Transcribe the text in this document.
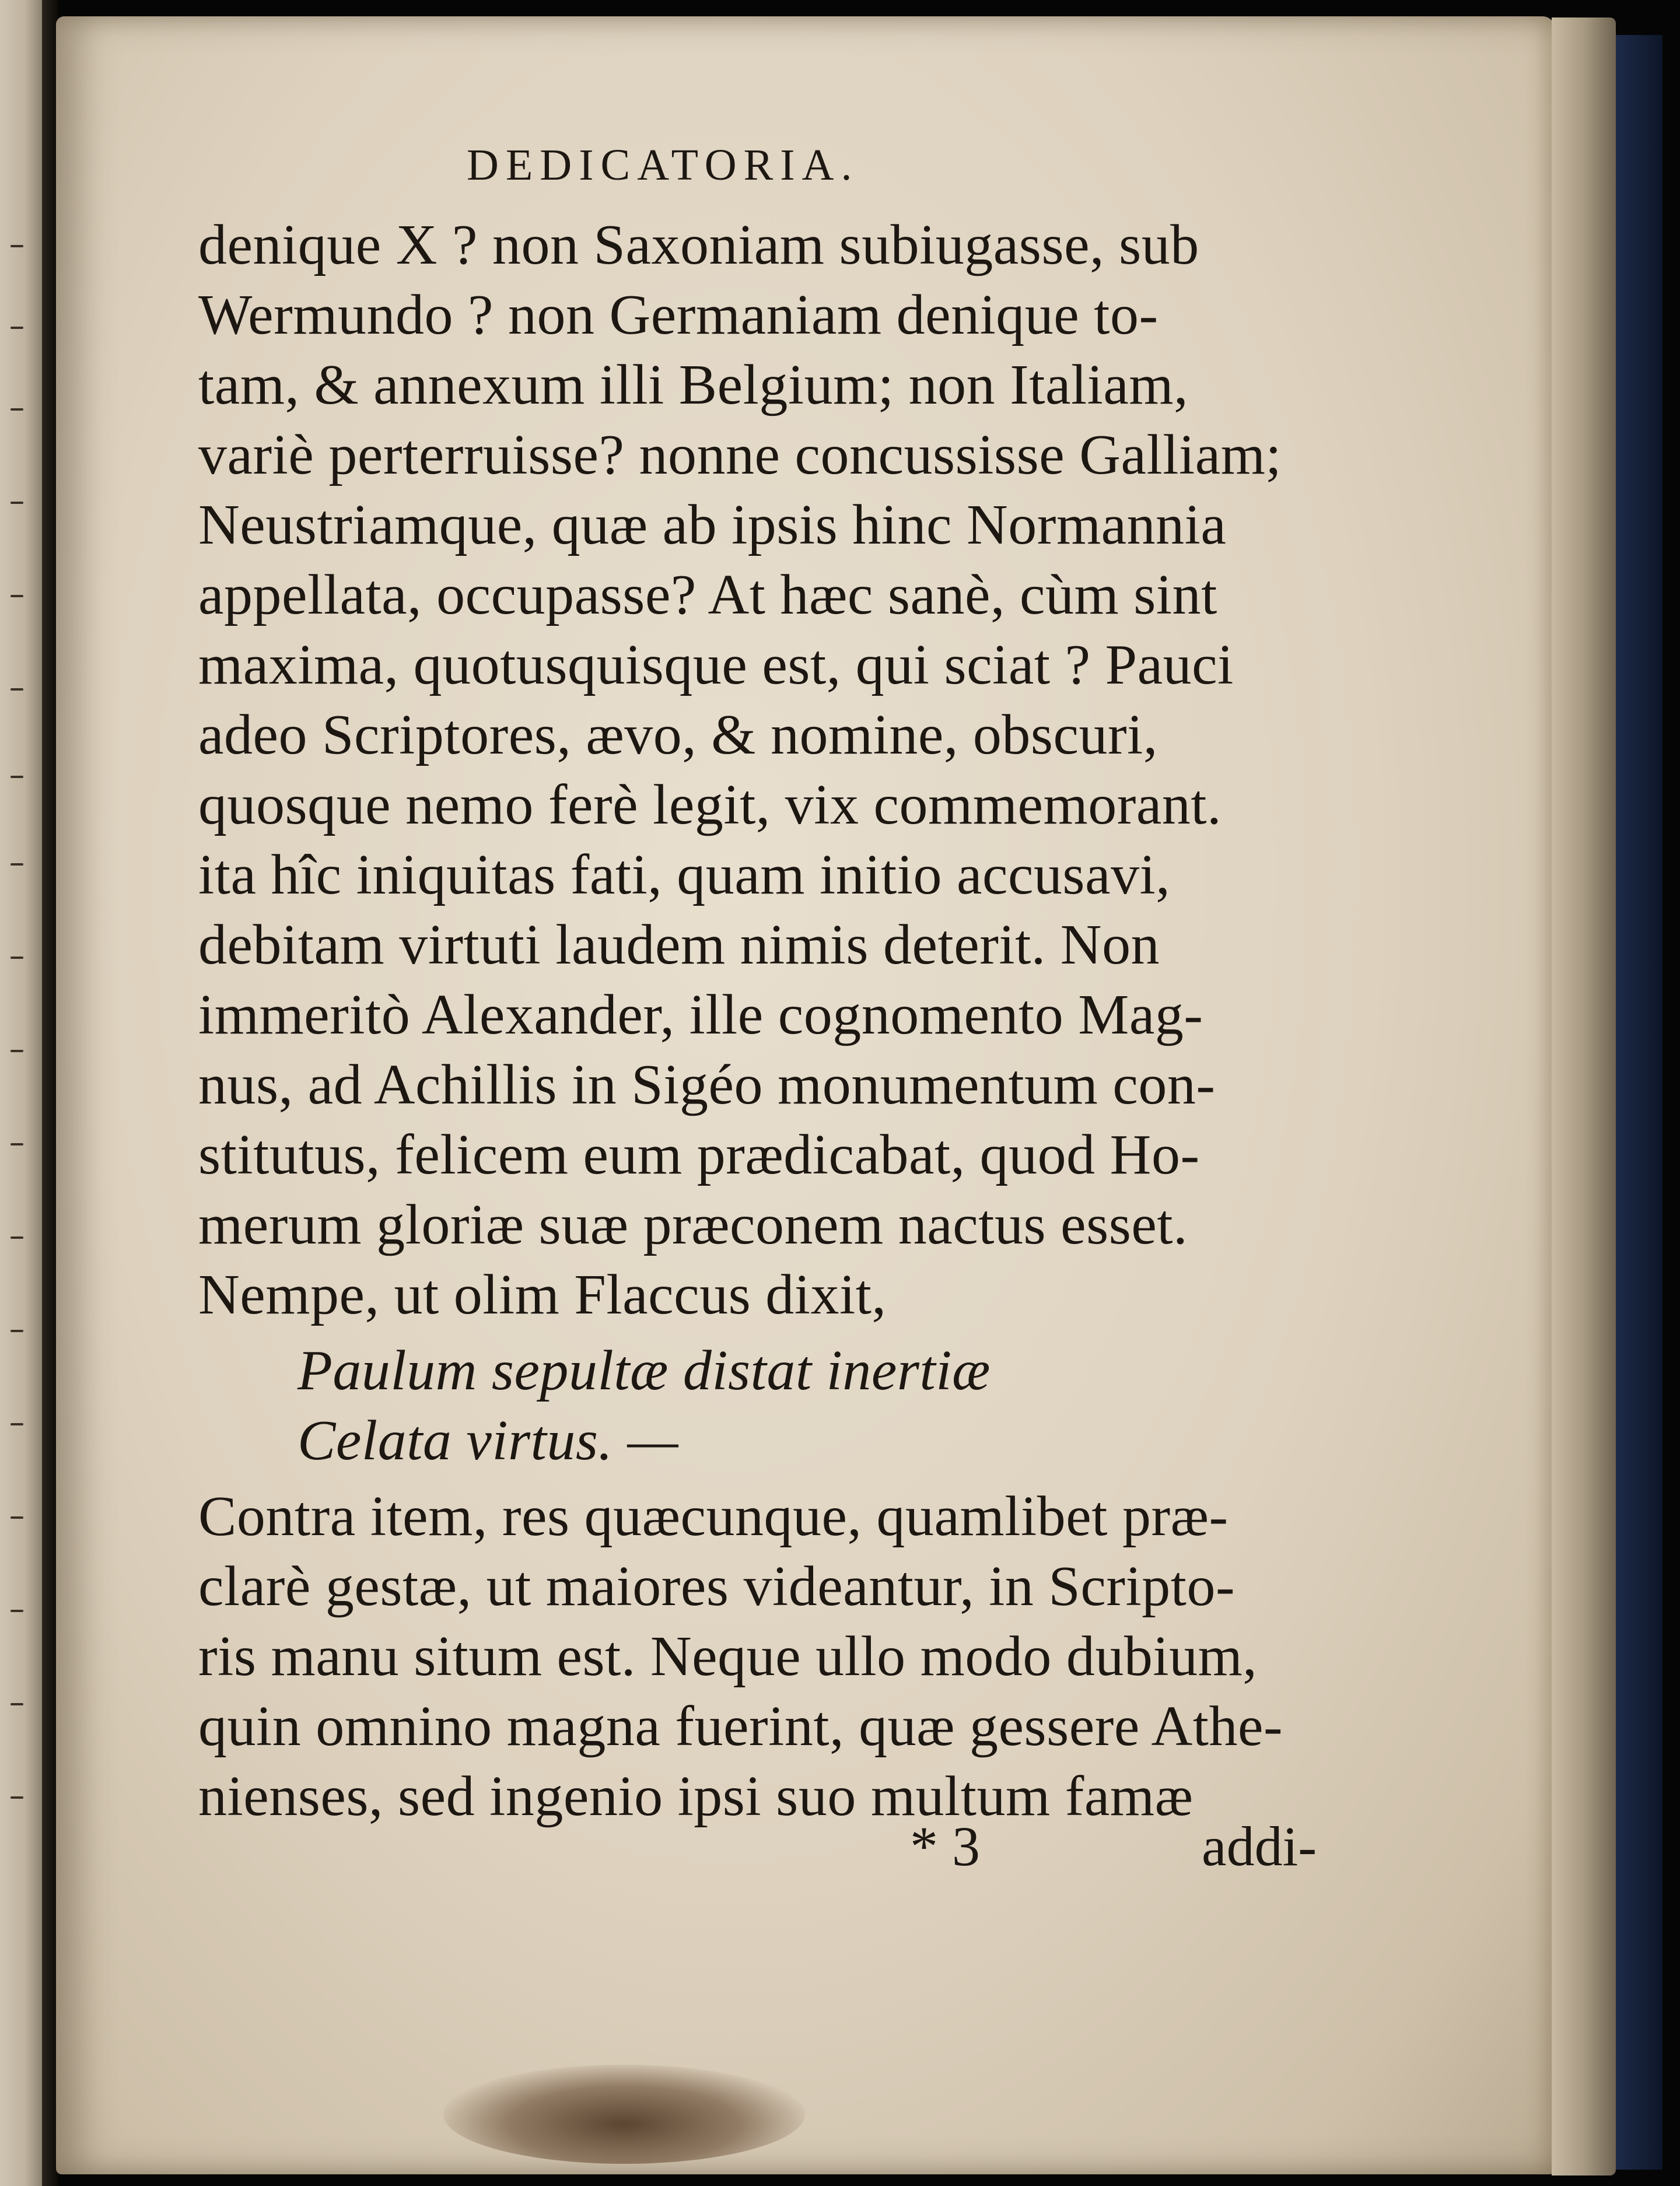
DEDICATORIA.
denique X ? non Saxoniam subiugasse, sub
Wermundo ? non Germaniam denique to-
tam, & annexum illi Belgium; non Italiam,
variè perterruisse? nonne concussisse Galliam;
Neustriamque, quæ ab ipsis hinc Normannia
appellata, occupasse? At hæc sanè, cùm sint
maxima, quotusquisque est, qui sciat ? Pauci
adeo Scriptores, ævo, & nomine, obscuri,
quosque nemo ferè legit, vix commemorant.
ita hîc iniquitas fati, quam initio accusavi,
debitam virtuti laudem nimis deterit. Non
immeritò Alexander, ille cognomento Mag-
nus, ad Achillis in Sigéo monumentum con-
stitutus, felicem eum prædicabat, quod Ho-
merum gloriæ suæ præconem nactus esset.
Nempe, ut olim Flaccus dixit,
Paulum sepultæ distat inertiæ
Celata virtus. —
Contra item, res quæcunque, quamlibet præ-
clarè gestæ, ut maiores videantur, in Scripto-
ris manu situm est. Neque ullo modo dubium,
quin omnino magna fuerint, quæ gessere Athe-
nienses, sed ingenio ipsi suo multum famæ
* 3	addi-
